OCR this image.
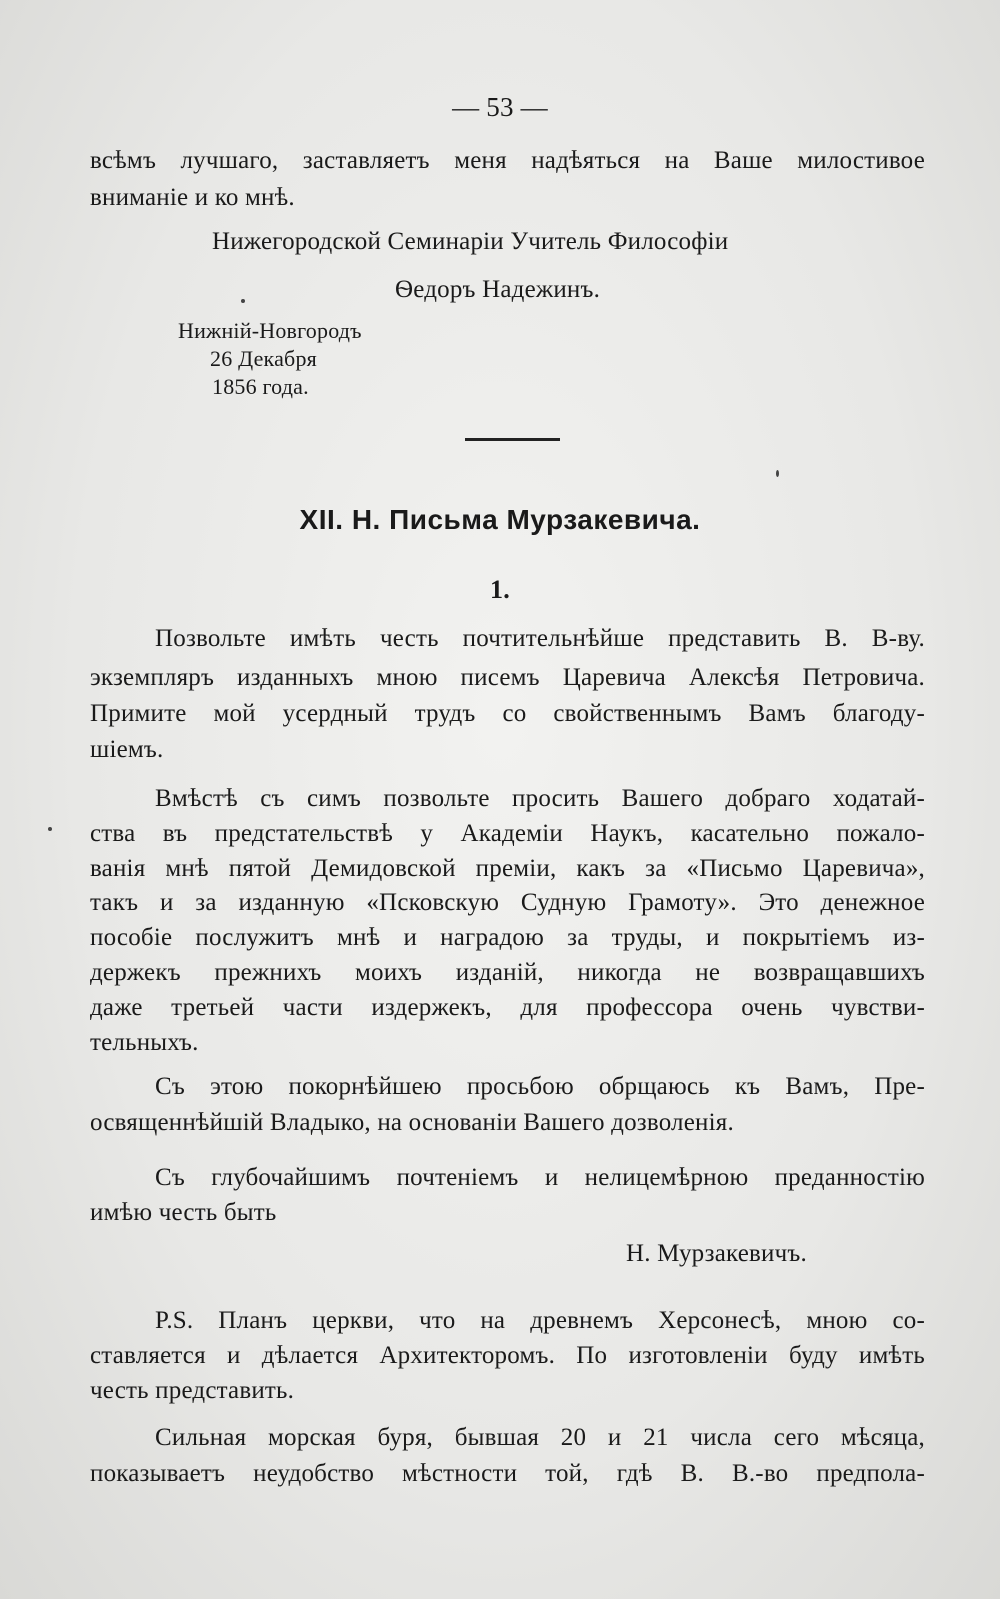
— 53 —
всѣмъ лучшаго, заставляетъ меня надѣяться на Ваше милостивое
вниманіе и ко мнѣ.
Нижегородской Семинаріи Учитель Философіи
Ѳедоръ Надежинъ.
Нижній-Новгородъ
26 Декабря
1856 года.
XII. Н. Письма Мурзакевича.
1.
Позвольте имѣть честь почтительнѣйше представить В. В-ву.
экземпляръ изданныхъ мною писемъ Царевича Алексѣя Петровича.
Примите мой усердный трудъ со свойственнымъ Вамъ благоду-
шіемъ.
Вмѣстѣ съ симъ позвольте просить Вашего добраго ходатай-
ства въ предстательствѣ у Академіи Наукъ, касательно пожало-
ванія мнѣ пятой Демидовской преміи, какъ за «Письмо Царевича»,
такъ и за изданную «Псковскую Судную Грамоту». Это денежное
пособіе послужитъ мнѣ и наградою за труды, и покрытіемъ из-
держекъ прежнихъ моихъ изданій, никогда не возвращавшихъ
даже третьей части издержекъ, для профессора очень чувстви-
тельныхъ.
Съ этою покорнѣйшею просьбою обрщаюсь къ Вамъ, Пре-
освященнѣйшій Владыко, на основаніи Вашего дозволенія.
Съ глубочайшимъ почтеніемъ и нелицемѣрною преданностію
имѣю честь быть
Н. Мурзакевичъ.
P.S. Планъ церкви, что на древнемъ Херсонесѣ, мною со-
ставляется и дѣлается Архитекторомъ. По изготовленіи буду имѣть
честь представить.
Сильная морская буря, бывшая 20 и 21 числа сего мѣсяца,
показываетъ неудобство мѣстности той, гдѣ В. В.-во предпола-
